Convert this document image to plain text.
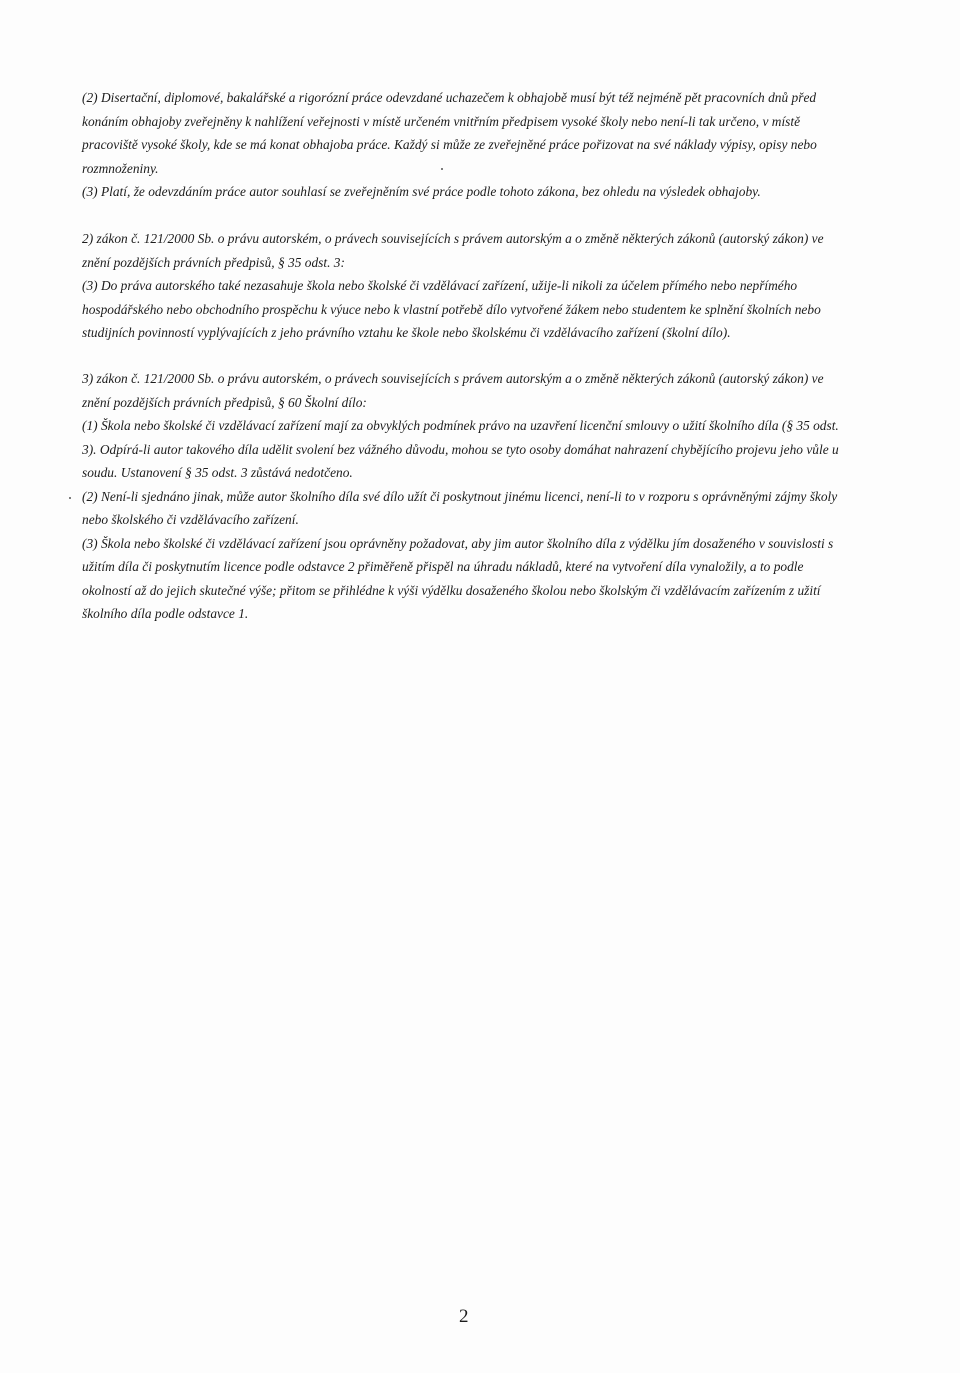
(2) Disertační, diplomové, bakalářské a rigorózní práce odevzdané uchazečem k obhajobě musí být též nejméně pět pracovních dnů před konáním obhajoby zveřejněny k nahlížení veřejnosti v místě určeném vnitřním předpisem vysoké školy nebo není-li tak určeno, v místě pracoviště vysoké školy, kde se má konat obhajoba práce. Každý si může ze zveřejněné práce pořizovat na své náklady výpisy, opisy nebo rozmnoženiny.

(3) Platí, že odevzdáním práce autor souhlasí se zveřejněním své práce podle tohoto zákona, bez ohledu na výsledek obhajoby.

2) zákon č. 121/2000 Sb. o právu autorském, o právech souvisejících s právem autorským a o změně některých zákonů (autorský zákon) ve znění pozdějších právních předpisů, § 35 odst. 3:

(3) Do práva autorského také nezasahuje škola nebo školské či vzdělávací zařízení, užije-li nikoli za účelem přímého nebo nepřímého hospodářského nebo obchodního prospěchu k výuce nebo k vlastní potřebě dílo vytvořené žákem nebo studentem ke splnění školních nebo studijních povinností vyplývajících z jeho právního vztahu ke škole nebo školskému či vzdělávacího zařízení (školní dílo).

3) zákon č. 121/2000 Sb. o právu autorském, o právech souvisejících s právem autorským a o změně některých zákonů (autorský zákon) ve znění pozdějších právních předpisů, § 60 Školní dílo:

(1) Škola nebo školské či vzdělávací zařízení mají za obvyklých podmínek právo na uzavření licenční smlouvy o užití školního díla (§ 35 odst. 3). Odpírá-li autor takového díla udělit svolení bez vážného důvodu, mohou se tyto osoby domáhat nahrazení chybějícího projevu jeho vůle u soudu. Ustanovení § 35 odst. 3 zůstává nedotčeno.

(2) Není-li sjednáno jinak, může autor školního díla své dílo užít či poskytnout jinému licenci, není-li to v rozporu s oprávněnými zájmy školy nebo školského či vzdělávacího zařízení.

(3) Škola nebo školské či vzdělávací zařízení jsou oprávněny požadovat, aby jim autor školního díla z výdělku jím dosaženého v souvislosti s užitím díla či poskytnutím licence podle odstavce 2 přiměřeně přispěl na úhradu nákladů, které na vytvoření díla vynaložily, a to podle okolností až do jejich skutečné výše; přitom se přihlédne k výši výdělku dosaženého školou nebo školským či vzdělávacím zařízením z užití školního díla podle odstavce 1.

2
